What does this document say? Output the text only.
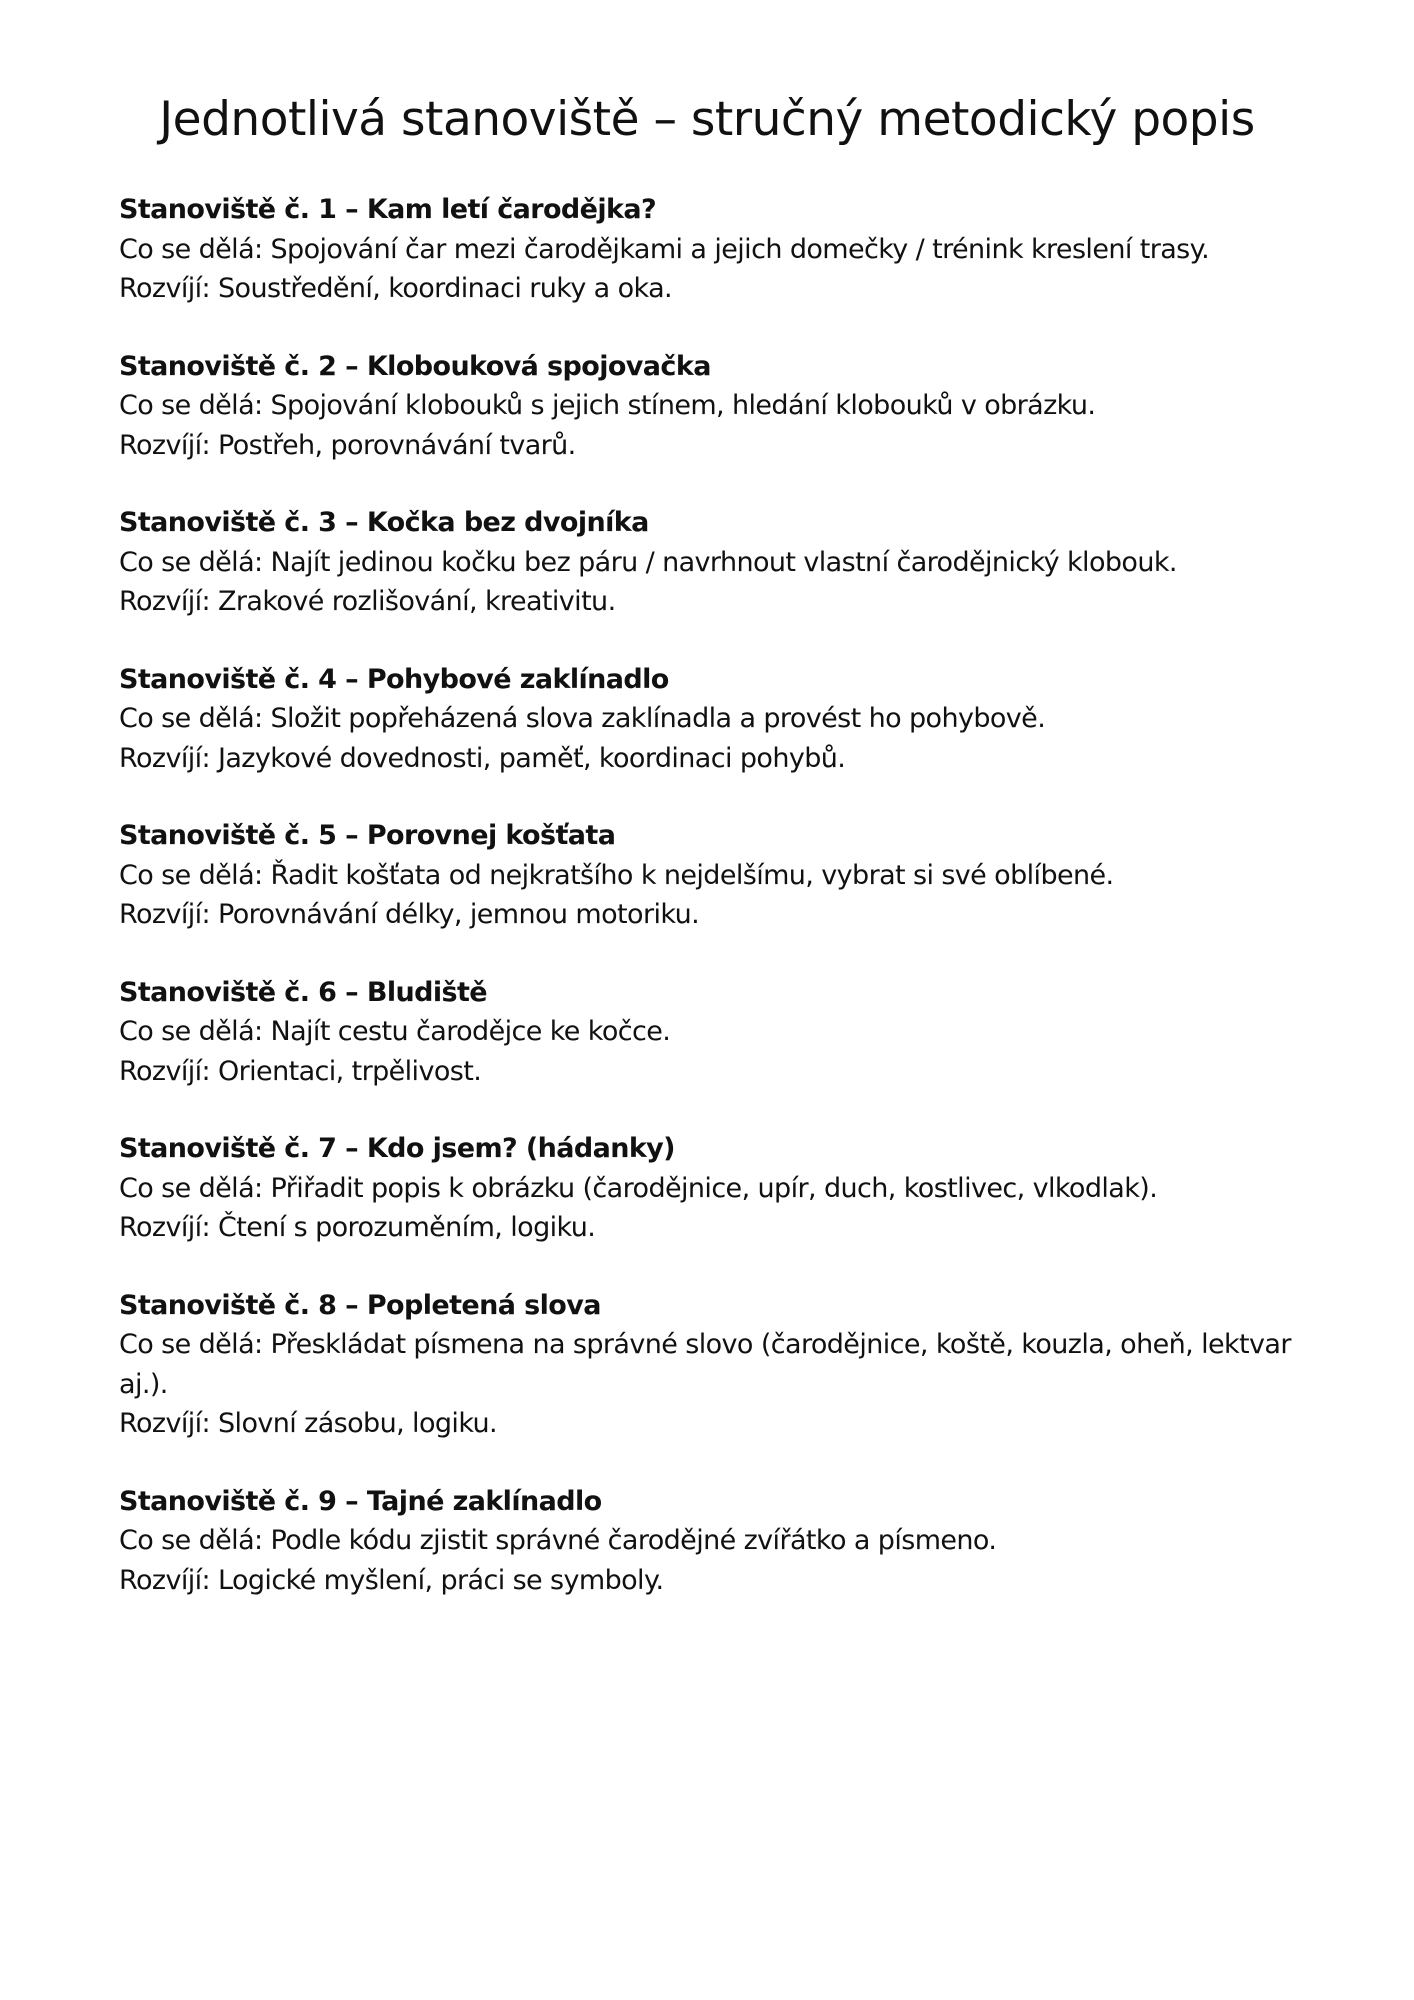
Jednotlivá stanoviště – stručný metodický popis
Stanoviště č. 1 – Kam letí čarodějka?
Co se dělá: Spojování čar mezi čarodějkami a jejich domečky / trénink kreslení trasy.
Rozvíjí: Soustředění, koordinaci ruky a oka.
Stanoviště č. 2 – Klobouková spojovačka
Co se dělá: Spojování klobouků s jejich stínem, hledání klobouků v obrázku.
Rozvíjí: Postřeh, porovnávání tvarů.
Stanoviště č. 3 – Kočka bez dvojníka
Co se dělá: Najít jedinou kočku bez páru / navrhnout vlastní čarodějnický klobouk.
Rozvíjí: Zrakové rozlišování, kreativitu.
Stanoviště č. 4 – Pohybové zaklínadlo
Co se dělá: Složit popřeházená slova zaklínadla a provést ho pohybově.
Rozvíjí: Jazykové dovednosti, paměť, koordinaci pohybů.
Stanoviště č. 5 – Porovnej košťata
Co se dělá: Řadit košťata od nejkratšího k nejdelšímu, vybrat si své oblíbené.
Rozvíjí: Porovnávání délky, jemnou motoriku.
Stanoviště č. 6 – Bludiště
Co se dělá: Najít cestu čarodějce ke kočce.
Rozvíjí: Orientaci, trpělivost.
Stanoviště č. 7 – Kdo jsem? (hádanky)
Co se dělá: Přiřadit popis k obrázku (čarodějnice, upír, duch, kostlivec, vlkodlak).
Rozvíjí: Čtení s porozuměním, logiku.
Stanoviště č. 8 – Popletená slova
Co se dělá: Přeskládat písmena na správné slovo (čarodějnice, koště, kouzla, oheň, lektvar aj.).
Rozvíjí: Slovní zásobu, logiku.
Stanoviště č. 9 – Tajné zaklínadlo
Co se dělá: Podle kódu zjistit správné čarodějné zvířátko a písmeno.
Rozvíjí: Logické myšlení, práci se symboly.
